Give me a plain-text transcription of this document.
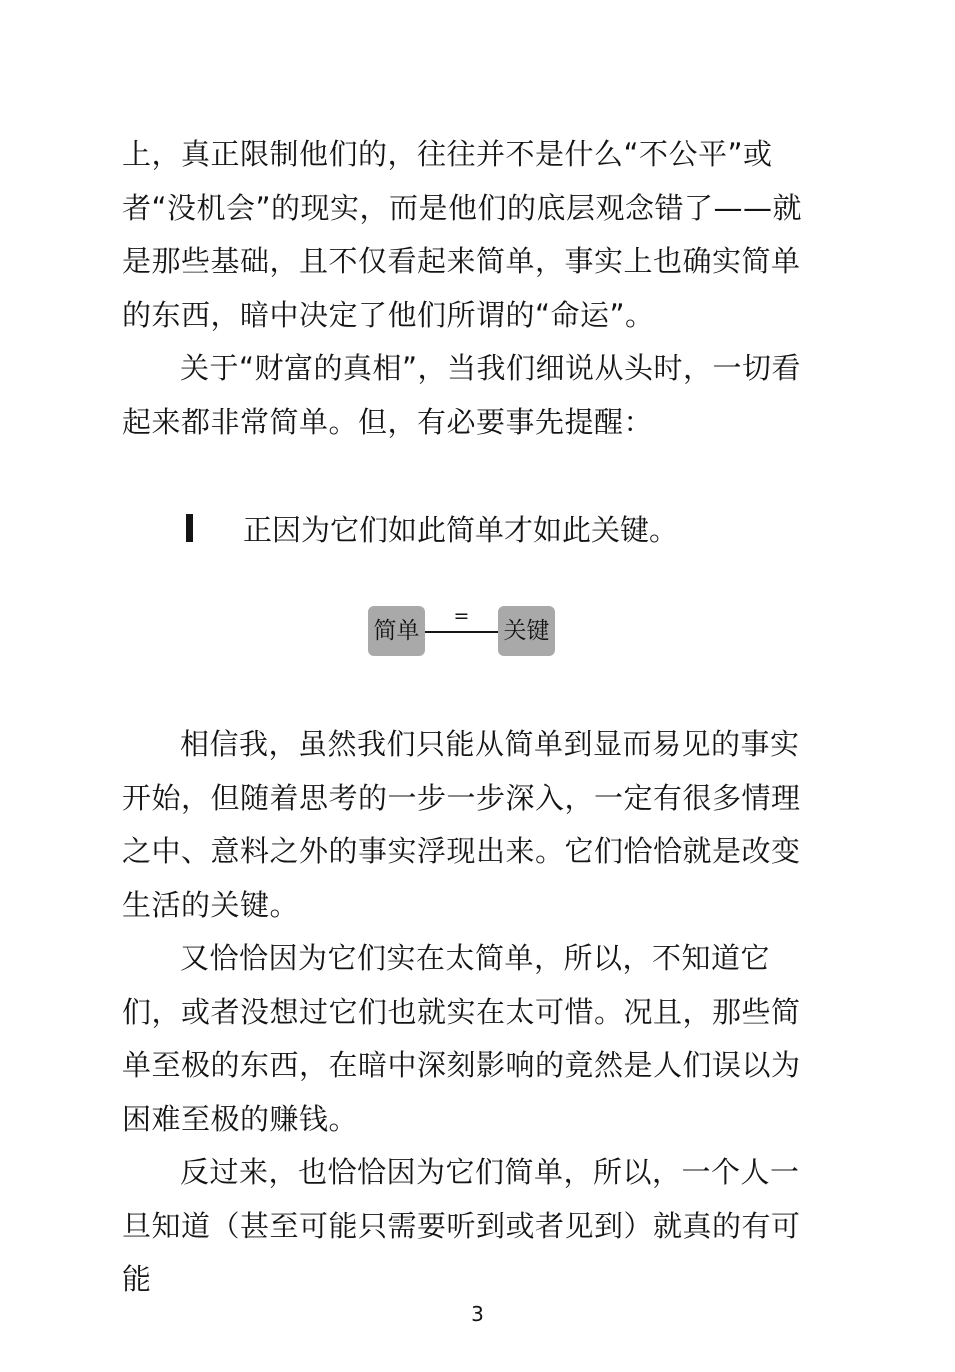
上，真正限制他们的，往往并不是什么“不公平”或者“没机会”的现实，而是他们的底层观念错了——就是那些基础，且不仅看起来简单，事实上也确实简单的东西，暗中决定了他们所谓的“命运”。

关于“财富的真相”，当我们细说从头时，一切看起来都非常简单。但，有必要事先提醒：

正因为它们如此简单才如此关键。
简单
=
关键

相信我，虽然我们只能从简单到显而易见的事实开始，但随着思考的一步一步深入，一定有很多情理之中、意料之外的事实浮现出来。它们恰恰就是改变生活的关键。

又恰恰因为它们实在太简单，所以，不知道它们，或者没想过它们也就实在太可惜。况且，那些简单至极的东西，在暗中深刻影响的竟然是人们误以为困难至极的赚钱。

反过来，也恰恰因为它们简单，所以，一个人一旦知道（甚至可能只需要听到或者见到）就真的有可能

3
